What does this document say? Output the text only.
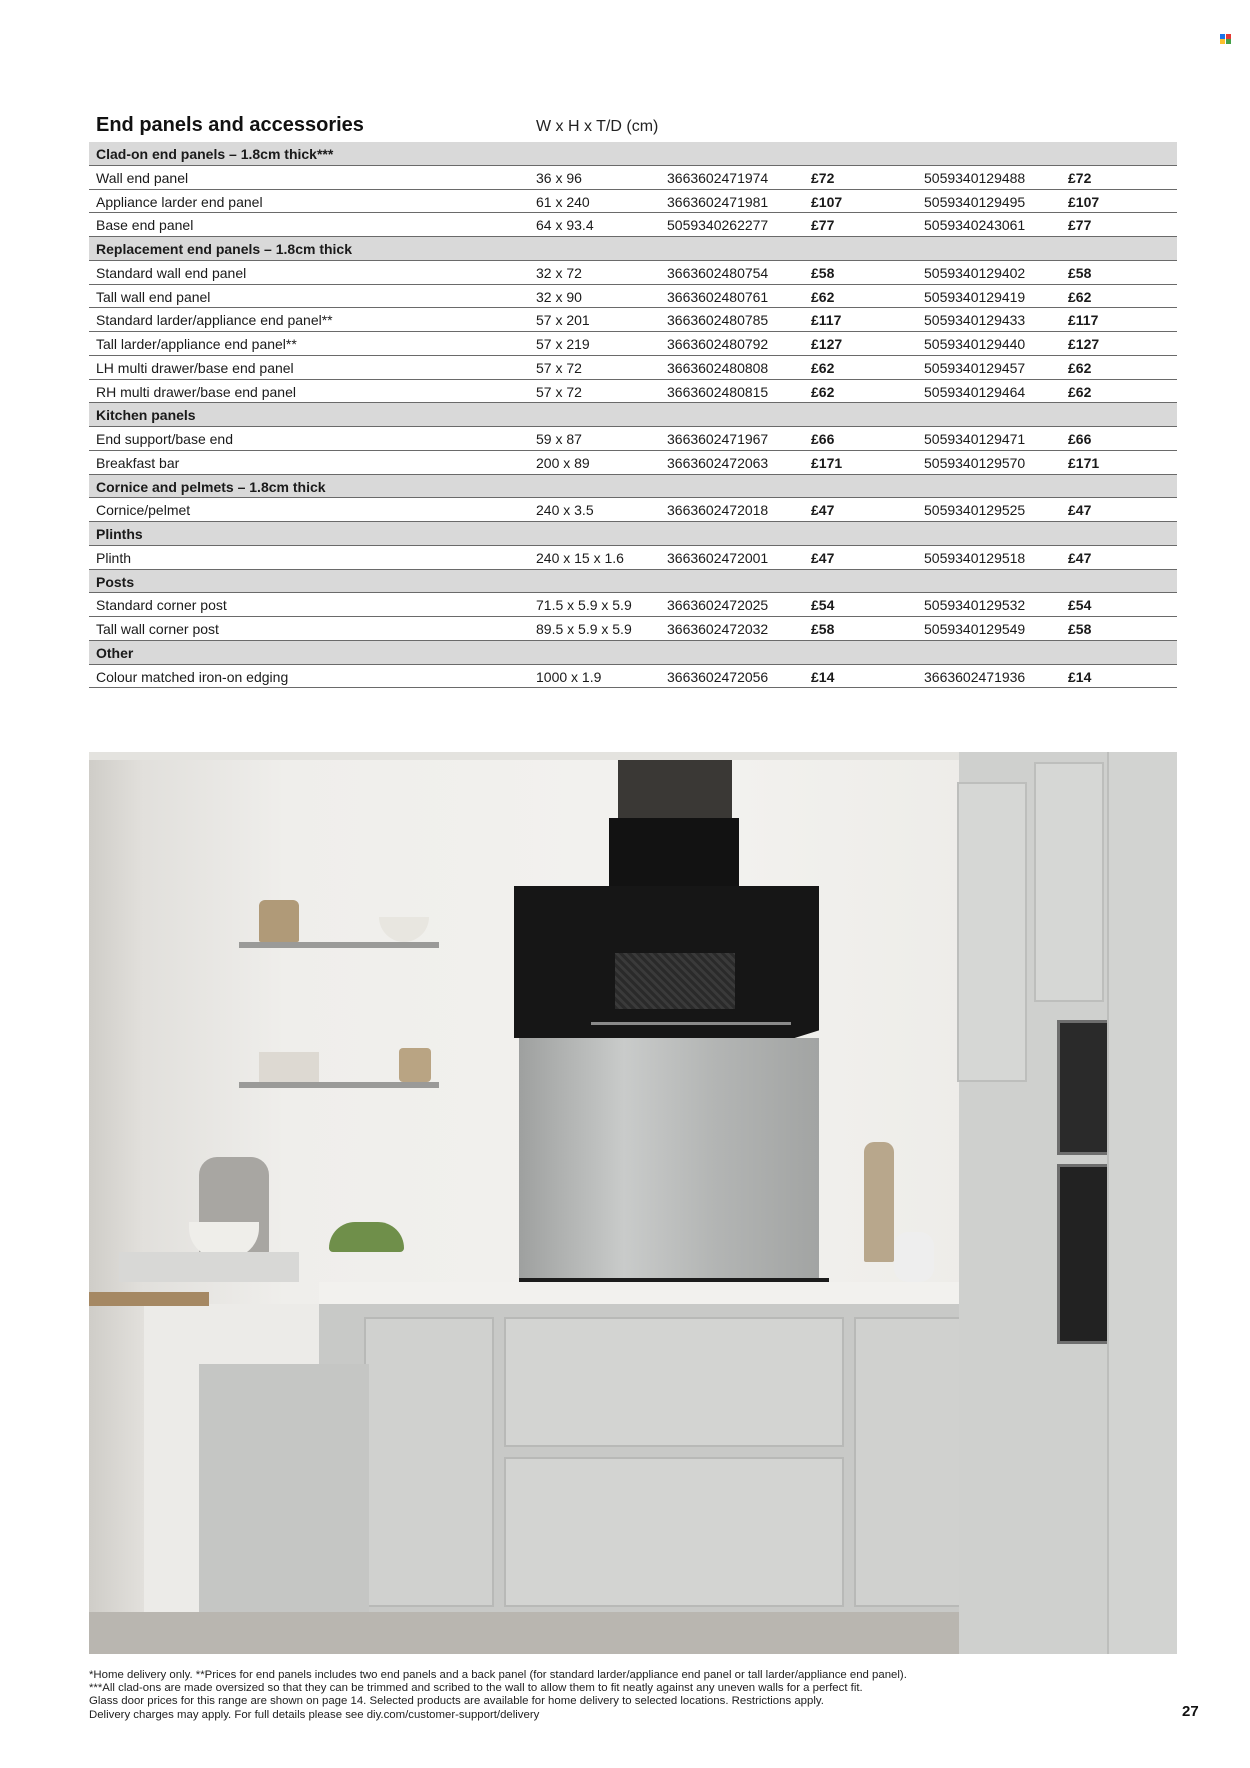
End panels and accessories	W x H x T/D (cm)
Clad-on end panels – 1.8cm thick***
Wall end panel	36 x 96	3663602471974	£72	5059340129488	£72
Appliance larder end panel	61 x 240	3663602471981	£107	5059340129495	£107
Base end panel	64 x 93.4	5059340262277	£77	5059340243061	£77
Replacement end panels – 1.8cm thick
Standard wall end panel	32 x 72	3663602480754	£58	5059340129402	£58
Tall wall end panel	32 x 90	3663602480761	£62	5059340129419	£62
Standard larder/appliance end panel**	57 x 201	3663602480785	£117	5059340129433	£117
Tall larder/appliance end panel**	57 x 219	3663602480792	£127	5059340129440	£127
LH multi drawer/base end panel	57 x 72	3663602480808	£62	5059340129457	£62
RH multi drawer/base end panel	57 x 72	3663602480815	£62	5059340129464	£62
Kitchen panels
End support/base end	59 x 87	3663602471967	£66	5059340129471	£66
Breakfast bar	200 x 89	3663602472063	£171	5059340129570	£171
Cornice and pelmets – 1.8cm thick
Cornice/pelmet	240 x 3.5	3663602472018	£47	5059340129525	£47
Plinths
Plinth	240 x 15 x 1.6	3663602472001	£47	5059340129518	£47
Posts
Standard corner post	71.5 x 5.9 x 5.9	3663602472025	£54	5059340129532	£54
Tall wall corner post	89.5 x 5.9 x 5.9	3663602472032	£58	5059340129549	£58
Other
Colour matched iron-on edging	1000 x 1.9	3663602472056	£14	3663602471936	£14

*Home delivery only. **Prices for end panels includes two end panels and a back panel (for standard larder/appliance end panel or tall larder/appliance end panel).

***All clad-ons are made oversized so that they can be trimmed and scribed to the wall to allow them to fit neatly against any uneven walls for a perfect fit.

Glass door prices for this range are shown on page 14. Selected products are available for home delivery to selected locations. Restrictions apply.

Delivery charges may apply. For full details please see diy.com/customer-support/delivery	27
